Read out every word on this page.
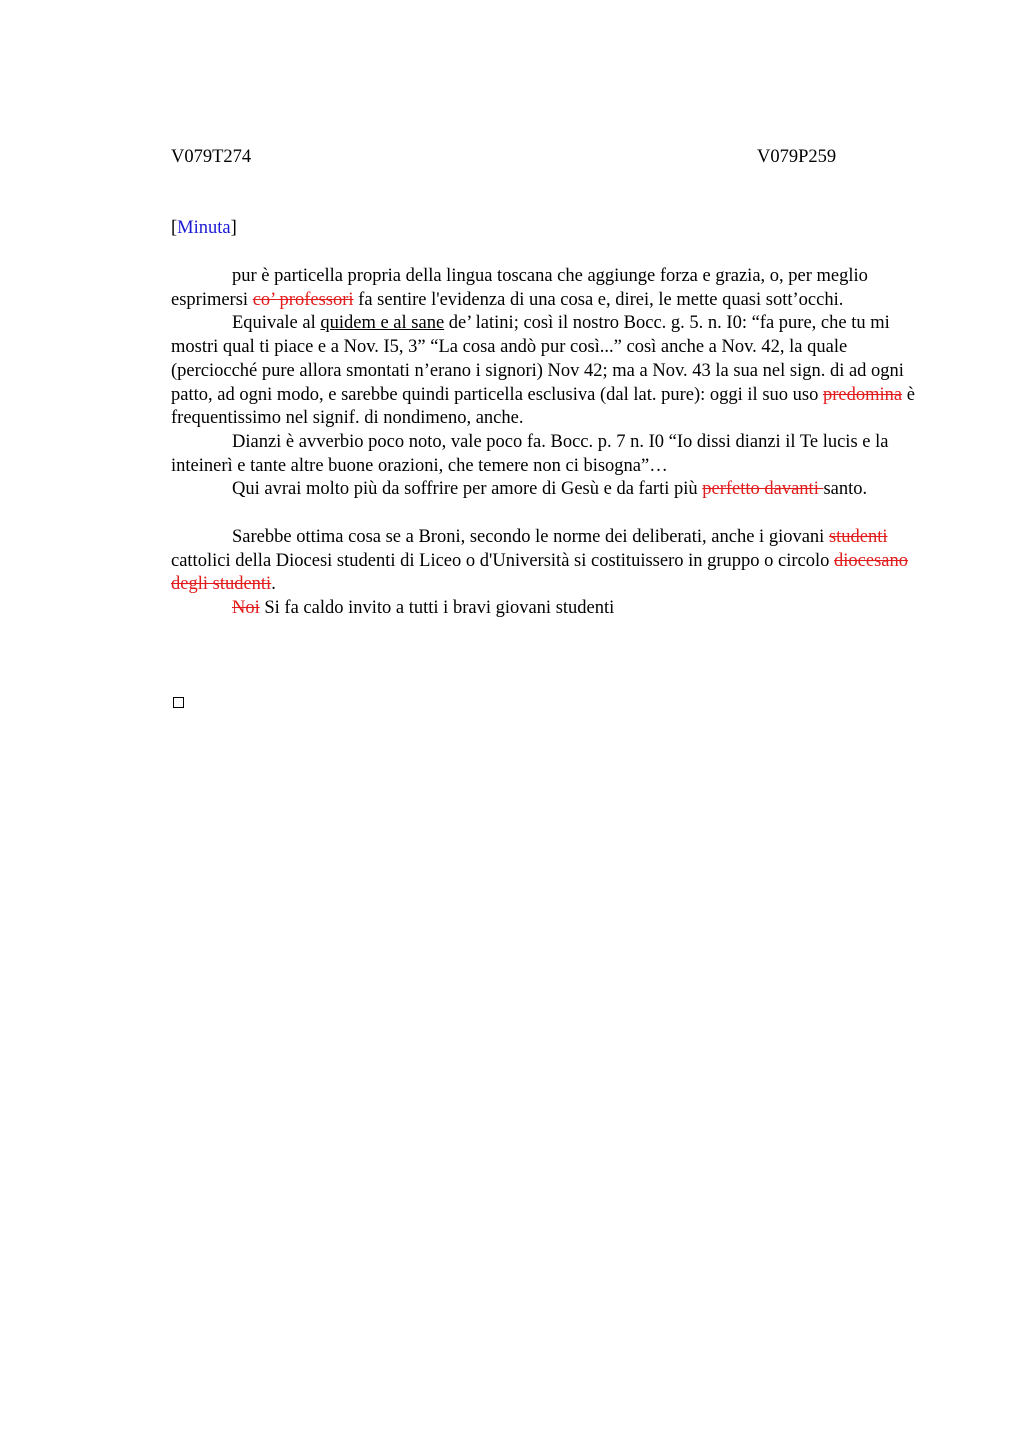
V079T274	V079P259
[Minuta]

pur è particella propria della lingua toscana che aggiunge forza e grazia, o, per meglio esprimersi co’ professori fa sentire l'evidenza di una cosa e, direi, le mette quasi sott’occhi.

Equivale al quidem e al sane de’ latini; così il nostro Bocc. g. 5. n. I0: “fa pure, che tu mi mostri qual ti piace e a Nov. I5, 3” “La cosa andò pur così...” così anche a Nov. 42, la quale (perciocché pure allora smontati n’erano i signori) Nov 42; ma a Nov. 43 la sua nel sign. di ad ogni patto, ad ogni modo, e sarebbe quindi particella esclusiva (dal lat. pure): oggi il suo uso predomina è frequentissimo nel signif. di nondimeno, anche.

Dianzi è avverbio poco noto, vale poco fa. Bocc. p. 7 n. I0 “Io dissi dianzi il Te lucis e la inteinerì e tante altre buone orazioni, che temere non ci bisogna”…

Qui avrai molto più da soffrire per amore di Gesù e da farti più perfetto davanti santo.

Sarebbe ottima cosa se a Broni, secondo le norme dei deliberati, anche i giovani studenti cattolici della Diocesi studenti di Liceo o d'Università si costituissero in gruppo o circolo diocesano degli studenti.

Noi Si fa caldo invito a tutti i bravi giovani studenti
